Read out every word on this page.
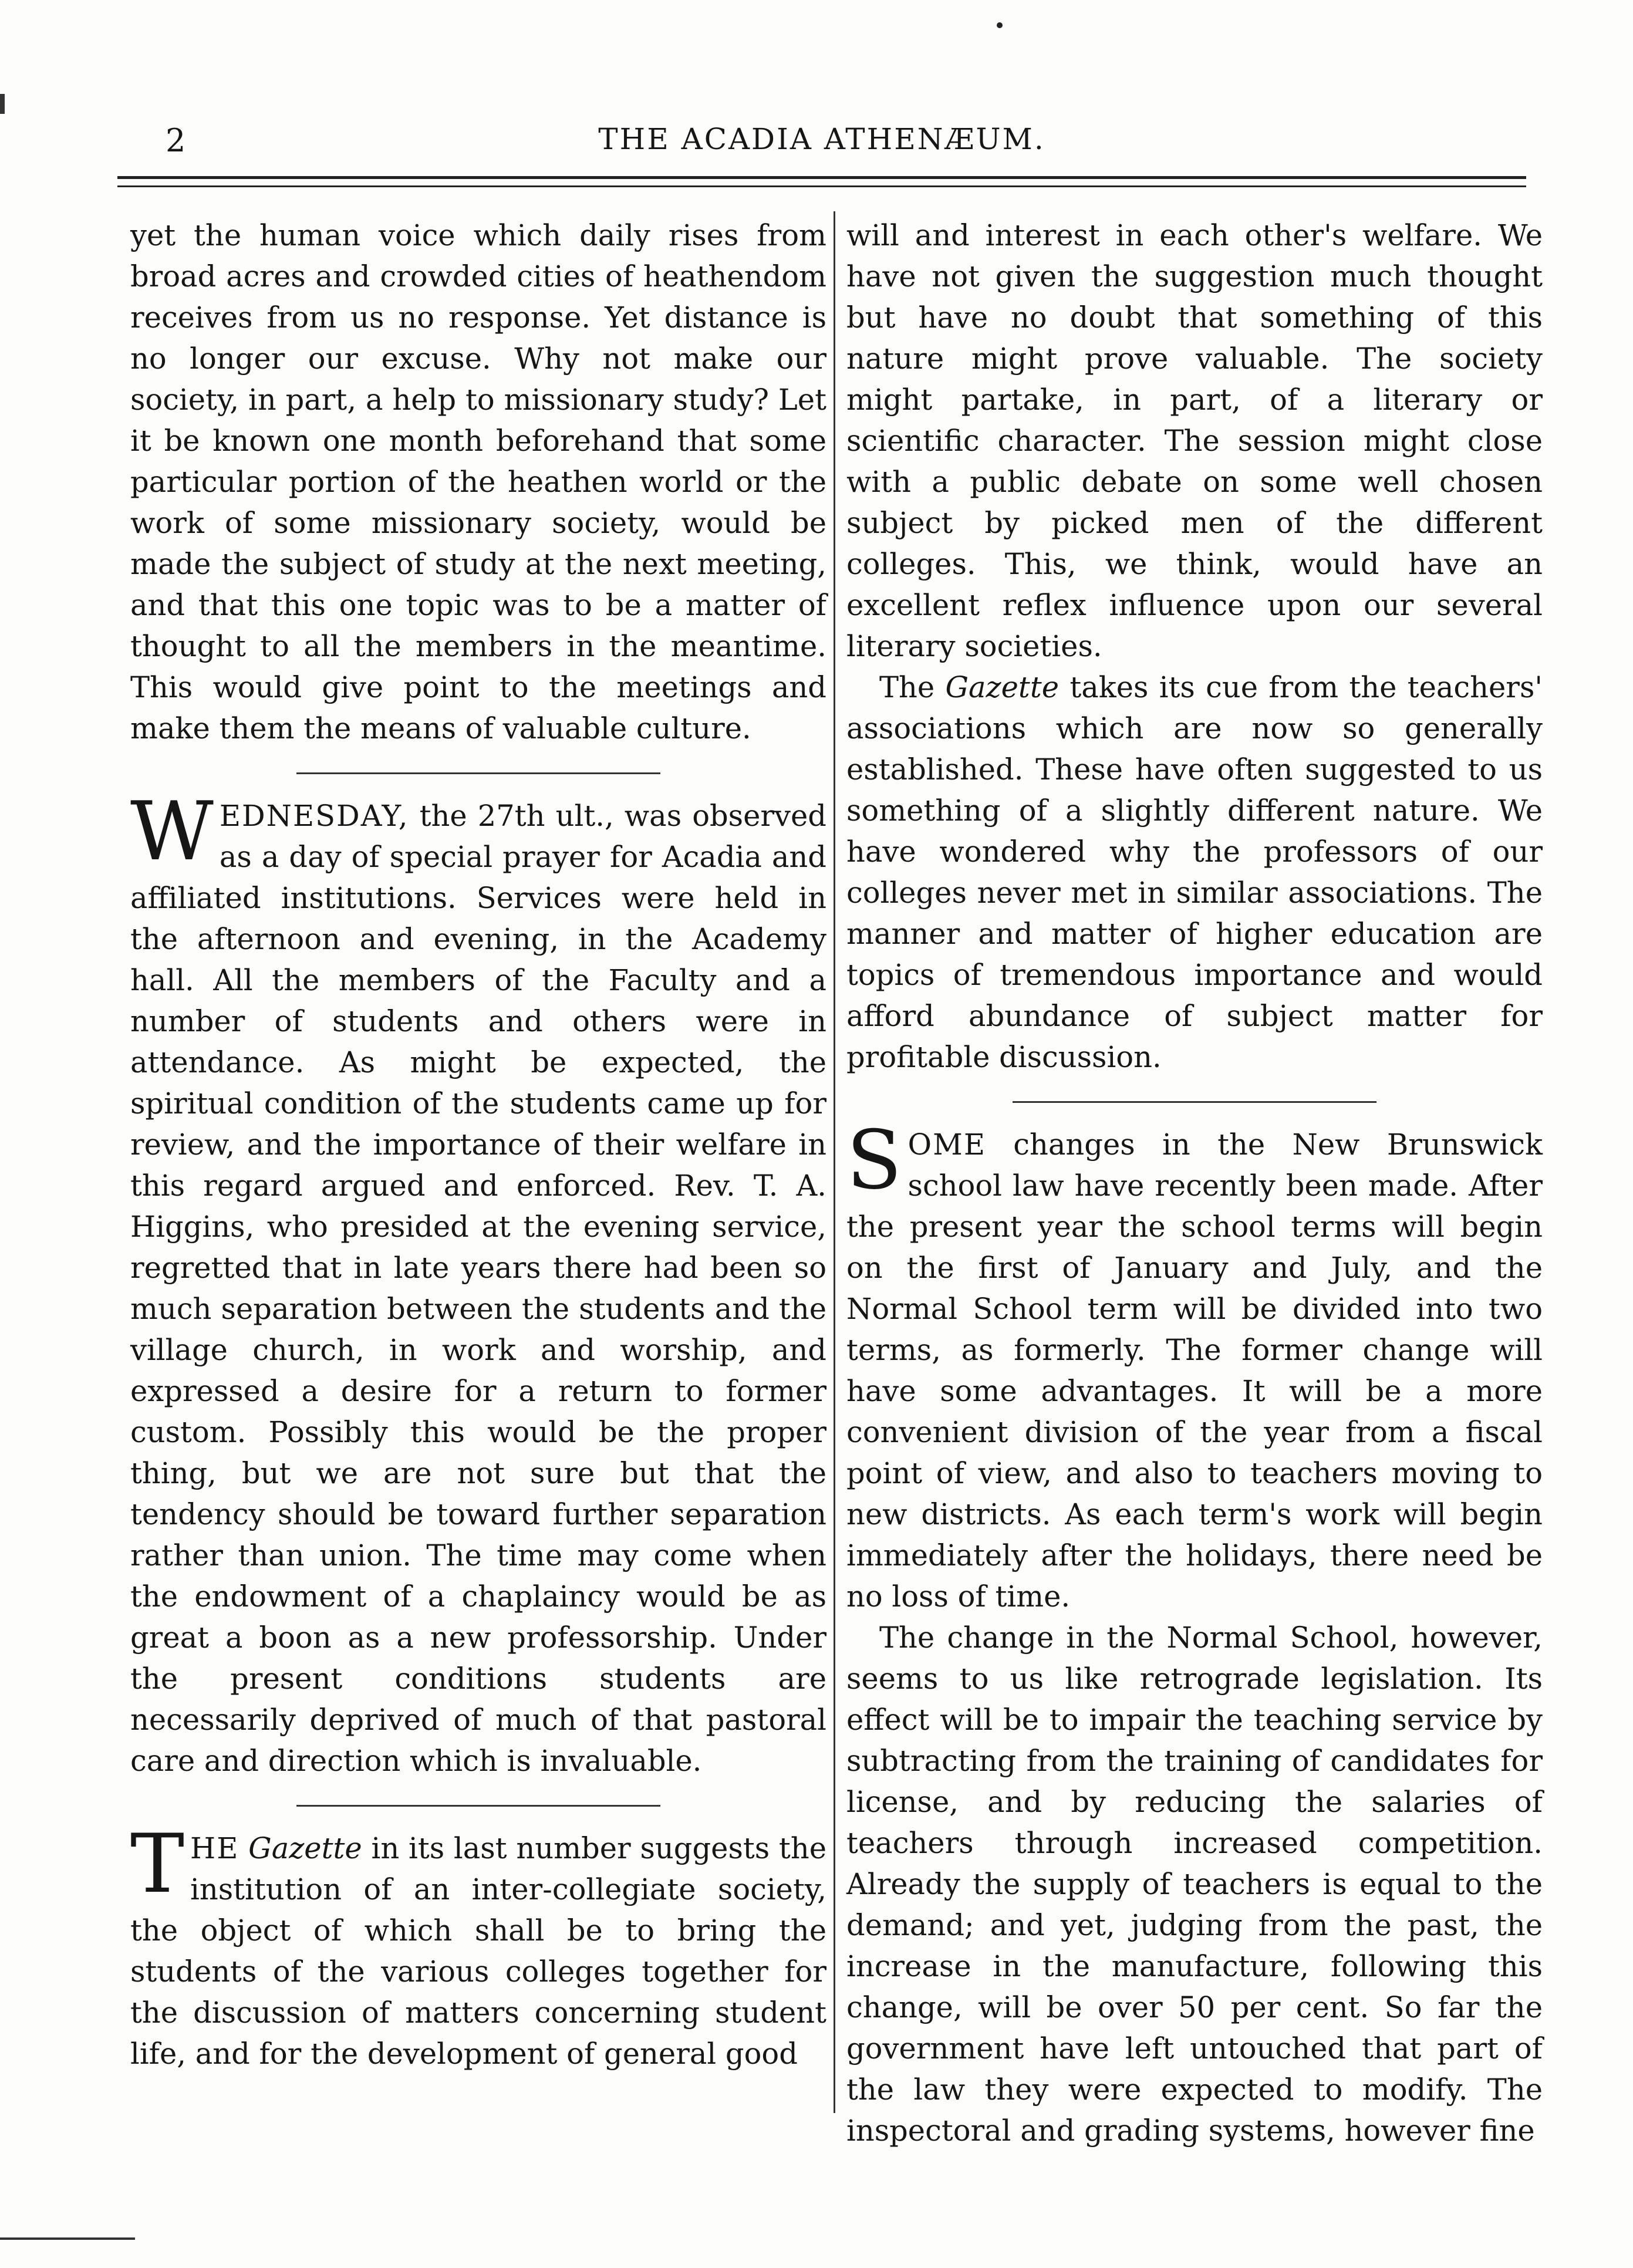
2	THE ACADIA ATHENÆUM.

yet the human voice which daily rises from broad acres and crowded cities of heathendom receives from us no response. Yet distance is no longer our excuse. Why not make our society, in part, a help to missionary study? Let it be known one month beforehand that some particular portion of the heathen world or the work of some missionary society, would be made the subject of study at the next meeting, and that this one topic was to be a matter of thought to all the members in the meantime. This would give point to the meetings and make them the means of valuable culture.

WEDNESDAY, the 27th ult., was observed as a day of special prayer for Acadia and affiliated institutions. Services were held in the afternoon and evening, in the Academy hall. All the members of the Faculty and a number of students and others were in attendance. As might be expected, the spiritual condition of the students came up for review, and the importance of their welfare in this regard argued and enforced. Rev. T. A. Higgins, who presided at the evening service, regretted that in late years there had been so much separation between the students and the village church, in work and worship, and expressed a desire for a return to former custom. Possibly this would be the proper thing, but we are not sure but that the tendency should be toward further separation rather than union. The time may come when the endowment of a chaplaincy would be as great a boon as a new professorship. Under the present conditions students are necessarily deprived of much of that pastoral care and direction which is invaluable.

THE Gazette in its last number suggests the institution of an inter-collegiate society, the object of which shall be to bring the students of the various colleges together for the discussion of matters concerning student life, and for the development of general good

will and interest in each other's welfare. We have not given the suggestion much thought but have no doubt that something of this nature might prove valuable. The society might partake, in part, of a literary or scientific character. The session might close with a public debate on some well chosen subject by picked men of the different colleges. This, we think, would have an excellent reflex influence upon our several literary societies.

The Gazette takes its cue from the teachers' associations which are now so generally established. These have often suggested to us something of a slightly different nature. We have wondered why the professors of our colleges never met in similar associations. The manner and matter of higher education are topics of tremendous importance and would afford abundance of subject matter for profitable discussion.

SOME changes in the New Brunswick school law have recently been made. After the present year the school terms will begin on the first of January and July, and the Normal School term will be divided into two terms, as formerly. The former change will have some advantages. It will be a more convenient division of the year from a fiscal point of view, and also to teachers moving to new districts. As each term's work will begin immediately after the holidays, there need be no loss of time.

The change in the Normal School, however, seems to us like retrograde legislation. Its effect will be to impair the teaching service by subtracting from the training of candidates for license, and by reducing the salaries of teachers through increased competition. Already the supply of teachers is equal to the demand; and yet, judging from the past, the increase in the manufacture, following this change, will be over 50 per cent. So far the government have left untouched that part of the law they were expected to modify. The inspectoral and grading systems, however fine
